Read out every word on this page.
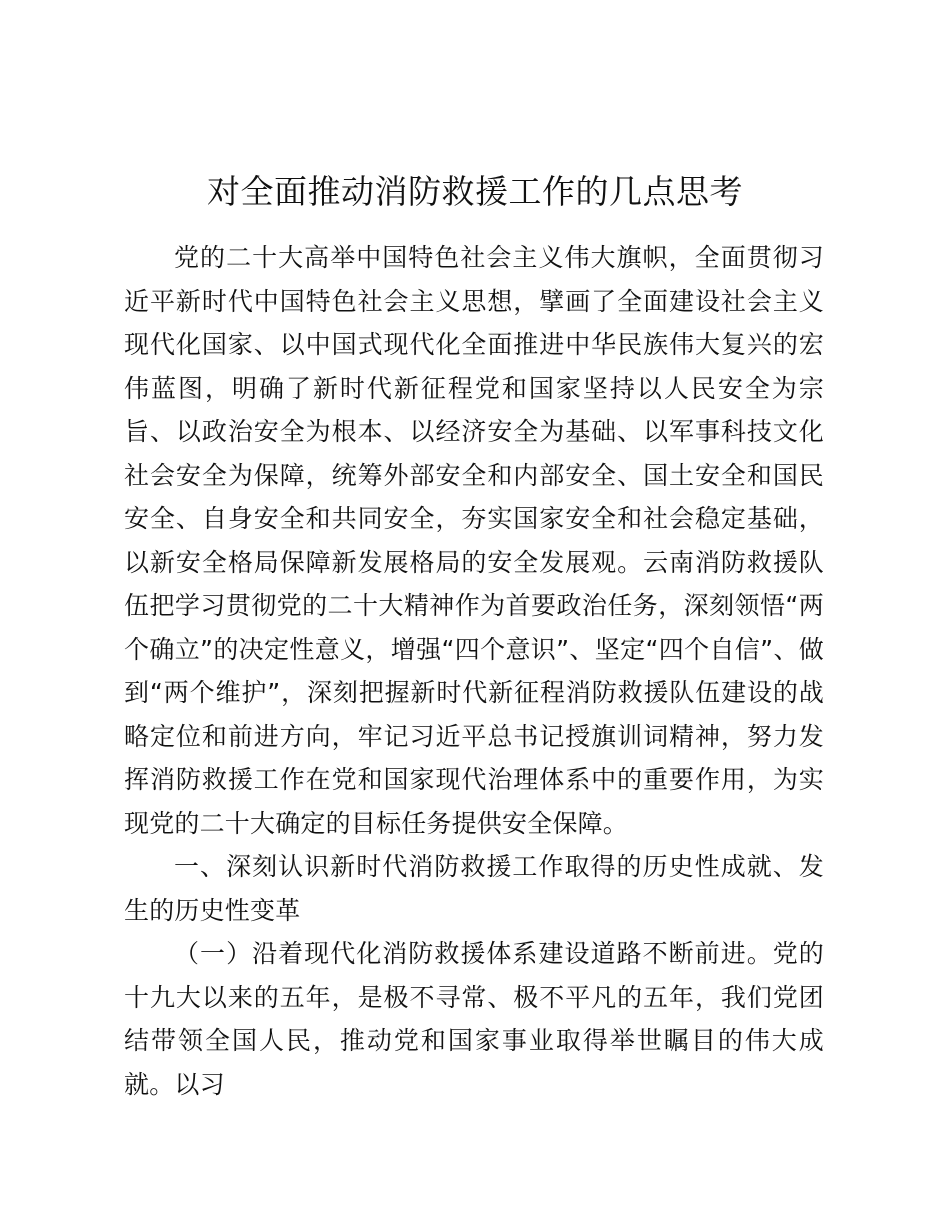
对全面推动消防救援工作的几点思考

党的二十大高举中国特色社会主义伟大旗帜，全面贯彻习近平新时代中国特色社会主义思想，擘画了全面建设社会主义现代化国家、以中国式现代化全面推进中华民族伟大复兴的宏伟蓝图，明确了新时代新征程党和国家坚持以人民安全为宗旨、以政治安全为根本、以经济安全为基础、以军事科技文化社会安全为保障，统筹外部安全和内部安全、国土安全和国民安全、自身安全和共同安全，夯实国家安全和社会稳定基础，以新安全格局保障新发展格局的安全发展观。云南消防救援队伍把学习贯彻党的二十大精神作为首要政治任务，深刻领悟“两个确立”的决定性意义，增强“四个意识”、坚定“四个自信”、做到“两个维护”，深刻把握新时代新征程消防救援队伍建设的战略定位和前进方向，牢记习近平总书记授旗训词精神，努力发挥消防救援工作在党和国家现代治理体系中的重要作用，为实现党的二十大确定的目标任务提供安全保障。

一、深刻认识新时代消防救援工作取得的历史性成就、发生的历史性变革

（一）沿着现代化消防救援体系建设道路不断前进。党的十九大以来的五年，是极不寻常、极不平凡的五年，我们党团结带领全国人民，推动党和国家事业取得举世瞩目的伟大成就。以习
